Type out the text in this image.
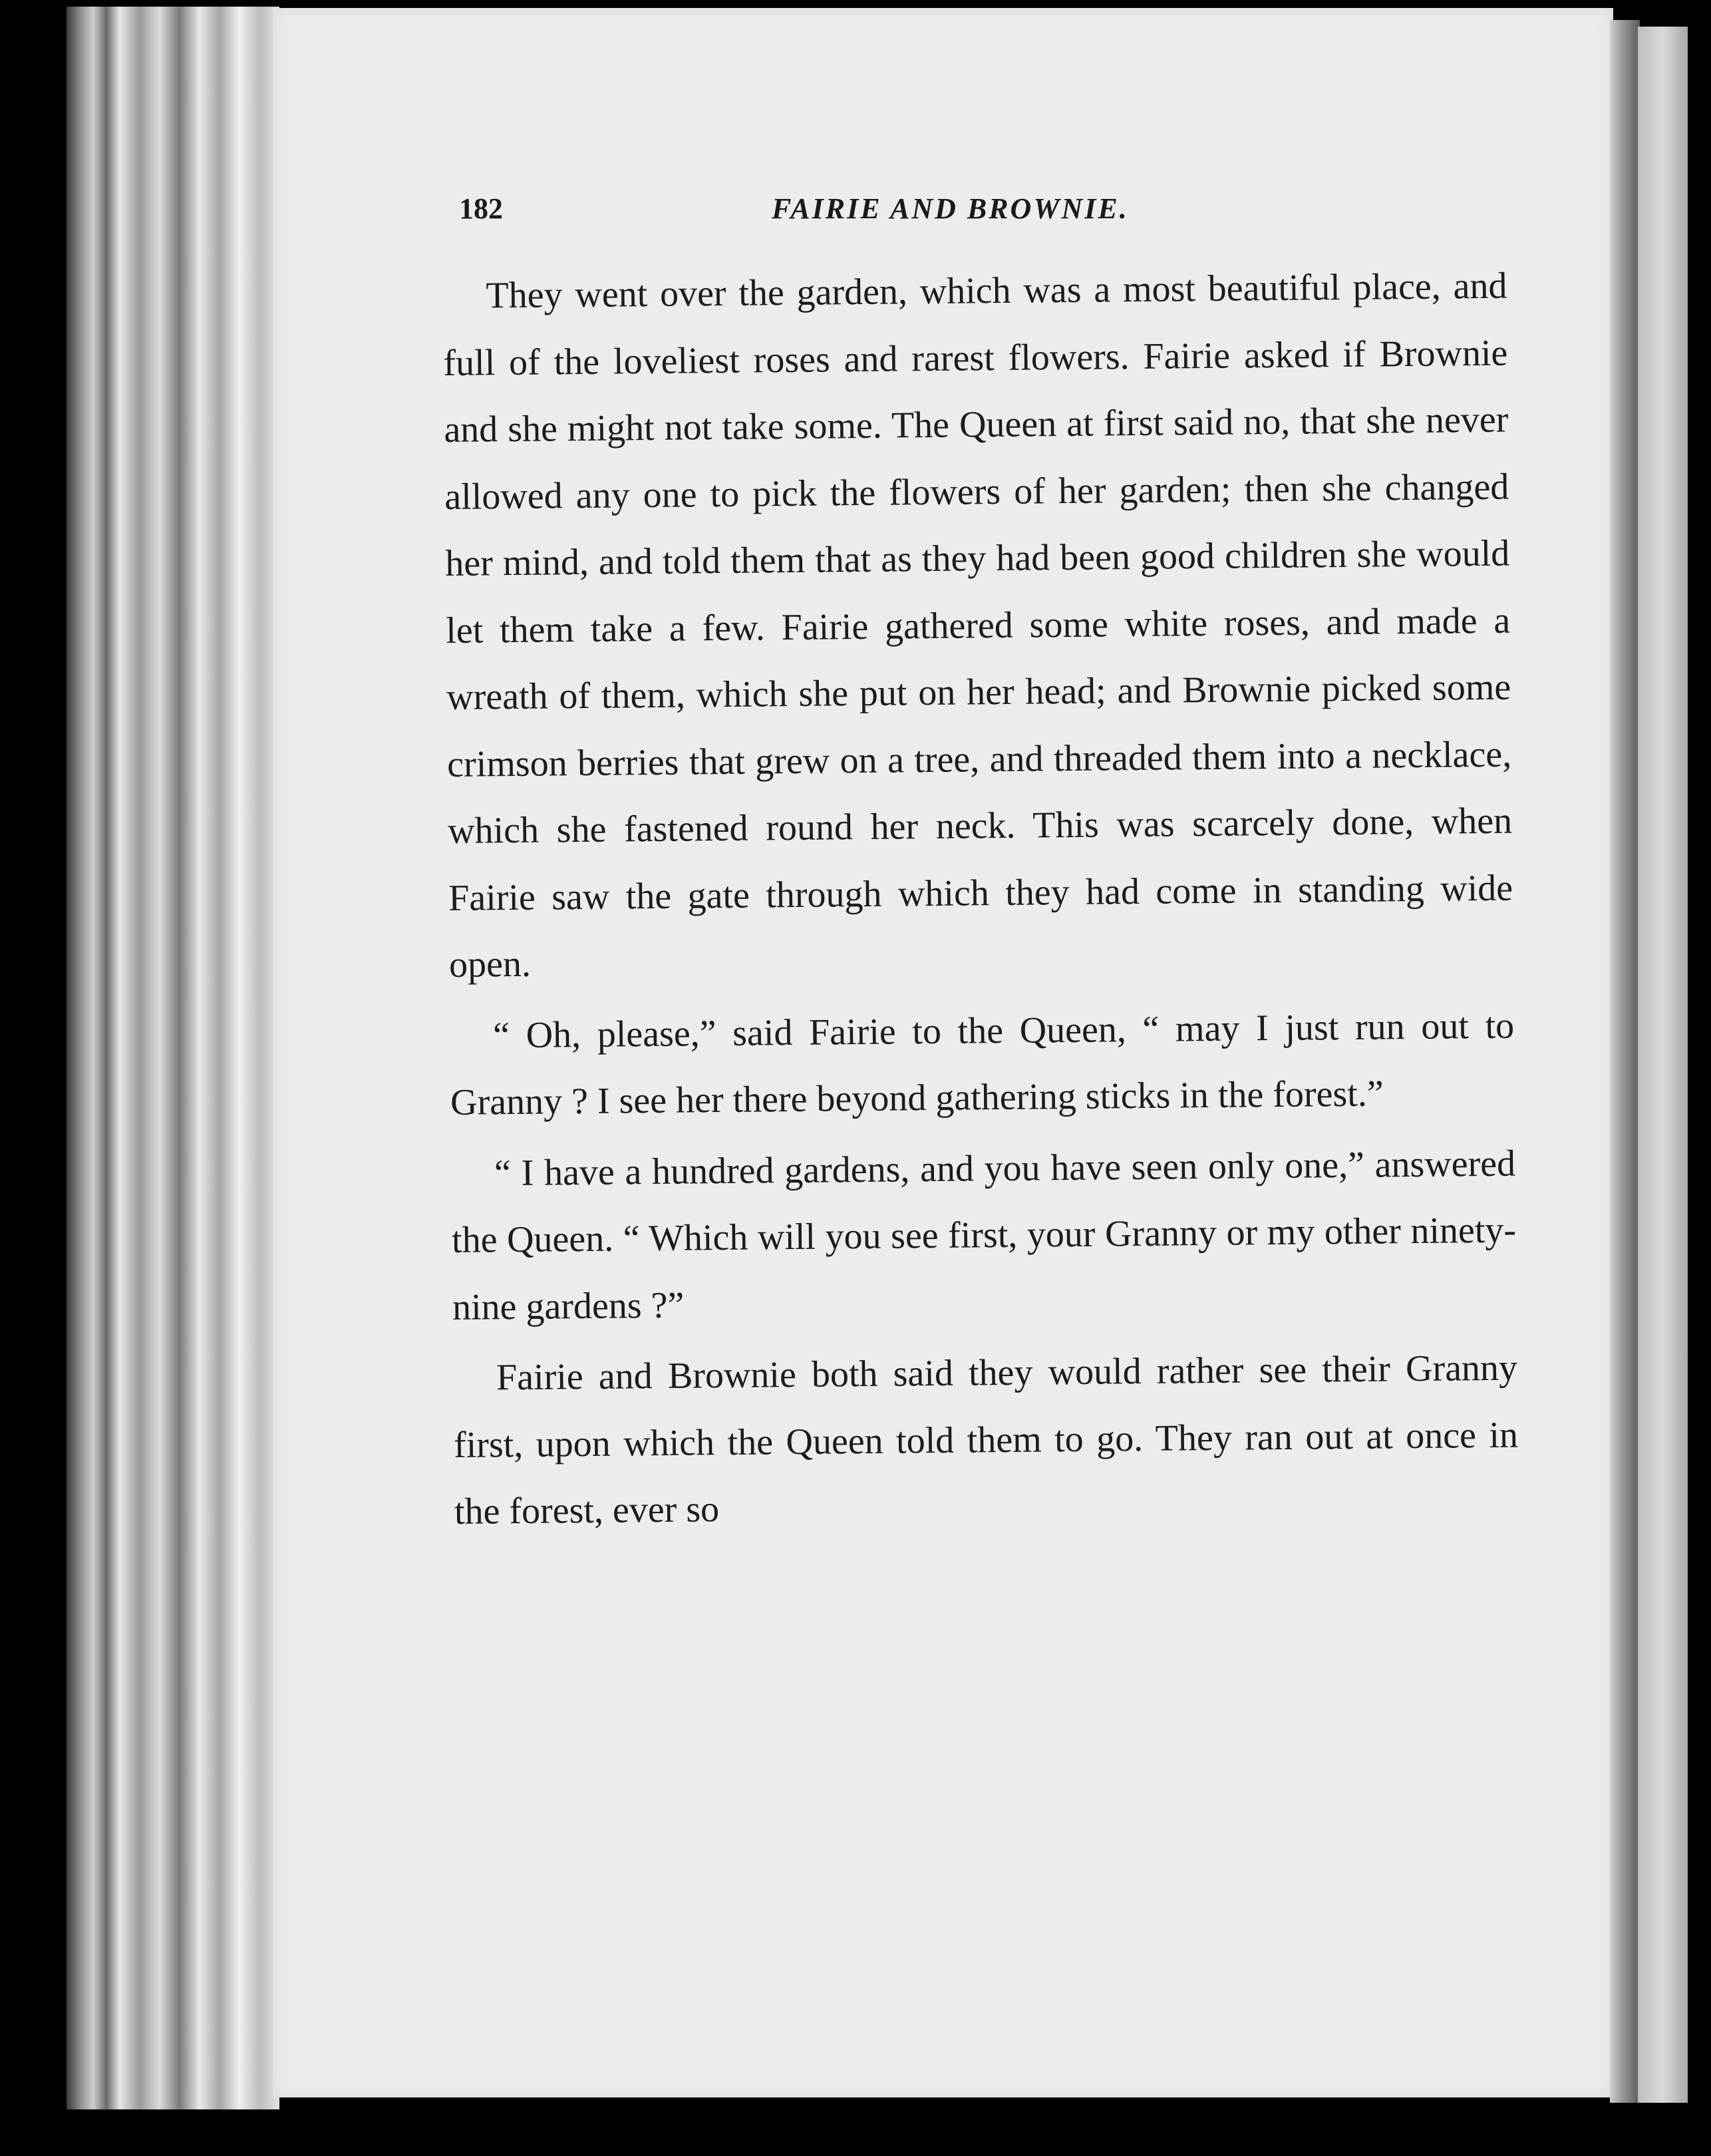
182	FAIRIE AND BROWNIE.

They went over the garden, which was a most beautiful place, and full of the loveliest roses and rarest flowers. Fairie asked if Brownie and she might not take some. The Queen at first said no, that she never allowed any one to pick the flowers of her garden; then she changed her mind, and told them that as they had been good children she would let them take a few. Fairie gathered some white roses, and made a wreath of them, which she put on her head; and Brownie picked some crimson berries that grew on a tree, and threaded them into a necklace, which she fastened round her neck. This was scarcely done, when Fairie saw the gate through which they had come in standing wide open.

“ Oh, please,” said Fairie to the Queen, “ may I just run out to Granny ? I see her there beyond gathering sticks in the forest.”

“ I have a hundred gardens, and you have seen only one,” answered the Queen. “ Which will you see first, your Granny or my other ninety-nine gardens ?”

Fairie and Brownie both said they would rather see their Granny first, upon which the Queen told them to go. They ran out at once in the forest, ever so
